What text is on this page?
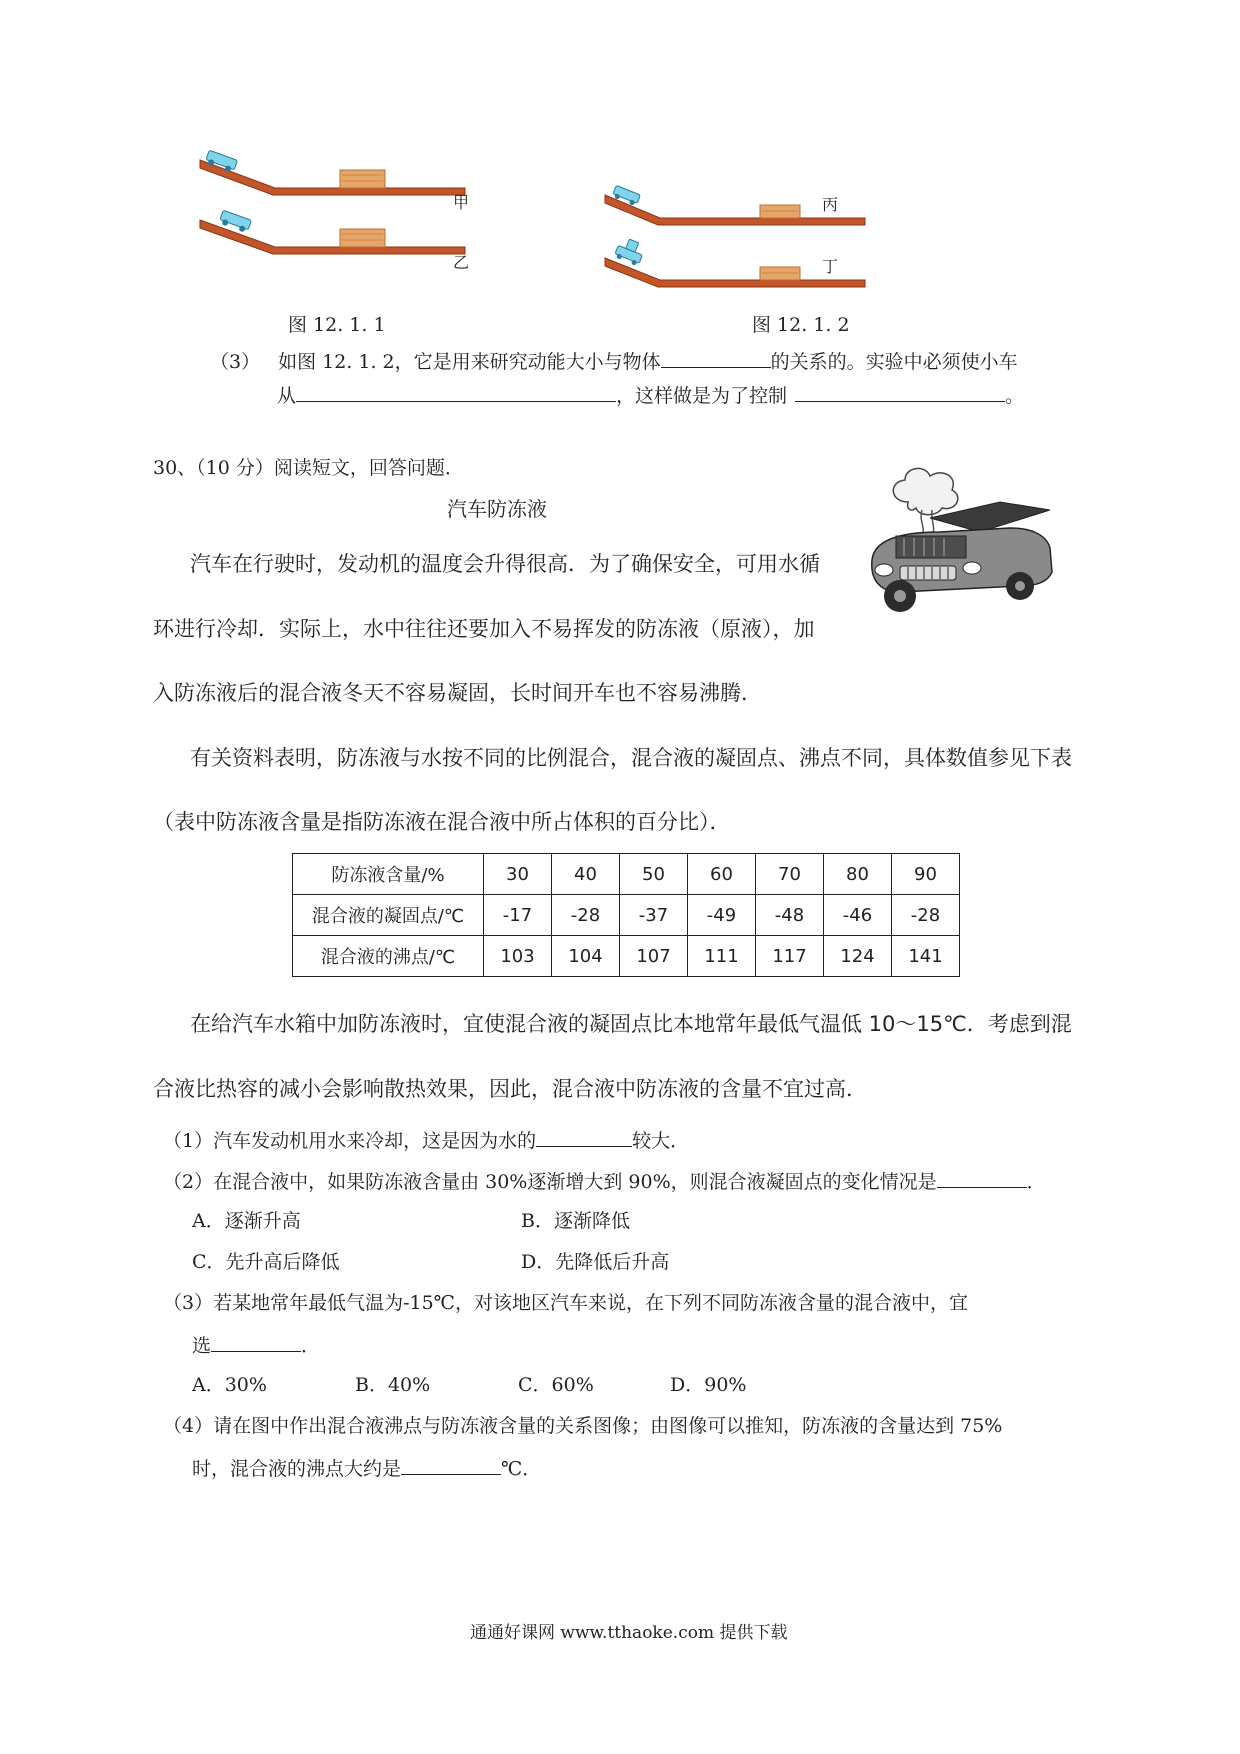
甲
乙
图 12. 1. 1
丙
丁
图 12. 1. 2
（3） 如图 12. 1. 2，它是用来研究动能大小与物体	的关系的。实验中必须使小车
从	，这样做是为了控制	。
30、（10 分）阅读短文，回答问题．
汽车防冻液
汽车在行驶时，发动机的温度会升得很高．为了确保安全，可用水循
环进行冷却．实际上，水中往往还要加入不易挥发的防冻液（原液），加
入防冻液后的混合液冬天不容易凝固，长时间开车也不容易沸腾．
有关资料表明，防冻液与水按不同的比例混合，混合液的凝固点、沸点不同，具体数值参见下表
（表中防冻液含量是指防冻液在混合液中所占体积的百分比）．
防冻液含量/%	30	40	50	60	70	80	90
混合液的凝固点/℃	-17	-28	-37	-49	-48	-46	-28
混合液的沸点/℃	103	104	107	111	117	124	141
在给汽车水箱中加防冻液时，宜使混合液的凝固点比本地常年最低气温低 10～15℃．考虑到混
合液比热容的减小会影响散热效果，因此，混合液中防冻液的含量不宜过高．
（1）汽车发动机用水来冷却，这是因为水的	较大．
（2）在混合液中，如果防冻液含量由 30%逐渐增大到 90%，则混合液凝固点的变化情况是	．
A．逐渐升高	B．逐渐降低
C．先升高后降低	D．先降低后升高
（3）若某地常年最低气温为-15℃，对该地区汽车来说，在下列不同防冻液含量的混合液中，宜
选	．
A．30%	B．40%	C．60%	D．90%
（4）请在图中作出混合液沸点与防冻液含量的关系图像；由图像可以推知，防冻液的含量达到 75%
时，混合液的沸点大约是	℃．
通通好课网 www.tthaoke.com 提供下载
